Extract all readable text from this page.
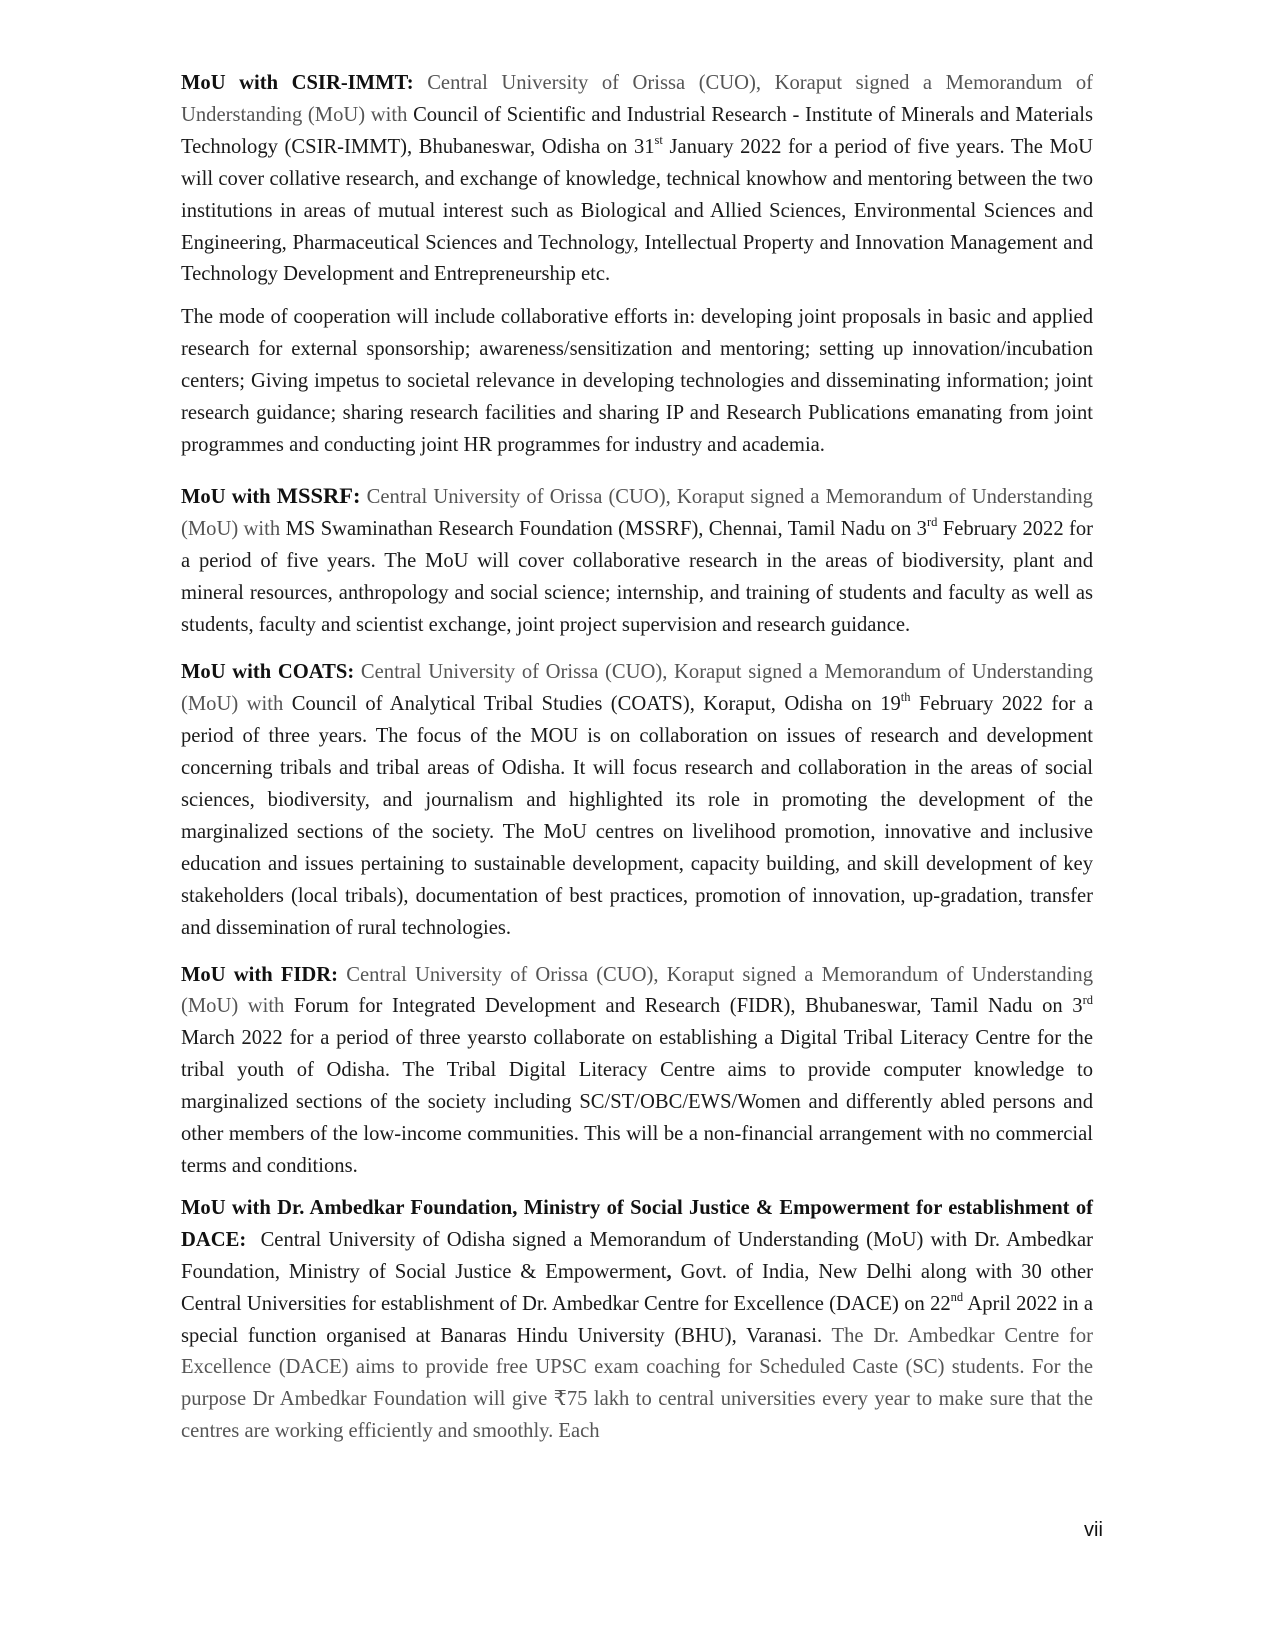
MoU with CSIR-IMMT: Central University of Orissa (CUO), Koraput signed a Memorandum of Understanding (MoU) with Council of Scientific and Industrial Research - Institute of Minerals and Materials Technology (CSIR-IMMT), Bhubaneswar, Odisha on 31st January 2022 for a period of five years. The MoU will cover collative research, and exchange of knowledge, technical knowhow and mentoring between the two institutions in areas of mutual interest such as Biological and Allied Sciences, Environmental Sciences and Engineering, Pharmaceutical Sciences and Technology, Intellectual Property and Innovation Management and Technology Development and Entrepreneurship etc.

The mode of cooperation will include collaborative efforts in: developing joint proposals in basic and applied research for external sponsorship; awareness/sensitization and mentoring; setting up innovation/incubation centers; Giving impetus to societal relevance in developing technologies and disseminating information; joint research guidance; sharing research facilities and sharing IP and Research Publications emanating from joint programmes and conducting joint HR programmes for industry and academia.

MoU with MSSRF: Central University of Orissa (CUO), Koraput signed a Memorandum of Understanding (MoU) with MS Swaminathan Research Foundation (MSSRF), Chennai, Tamil Nadu on 3rd February 2022 for a period of five years. The MoU will cover collaborative research in the areas of biodiversity, plant and mineral resources, anthropology and social science; internship, and training of students and faculty as well as students, faculty and scientist exchange, joint project supervision and research guidance.

MoU with COATS: Central University of Orissa (CUO), Koraput signed a Memorandum of Understanding (MoU) with Council of Analytical Tribal Studies (COATS), Koraput, Odisha on 19th February 2022 for a period of three years. The focus of the MOU is on collaboration on issues of research and development concerning tribals and tribal areas of Odisha. It will focus research and collaboration in the areas of social sciences, biodiversity, and journalism and highlighted its role in promoting the development of the marginalized sections of the society. The MoU centres on livelihood promotion, innovative and inclusive education and issues pertaining to sustainable development, capacity building, and skill development of key stakeholders (local tribals), documentation of best practices, promotion of innovation, up-gradation, transfer and dissemination of rural technologies.

MoU with FIDR: Central University of Orissa (CUO), Koraput signed a Memorandum of Understanding (MoU) with Forum for Integrated Development and Research (FIDR), Bhubaneswar, Tamil Nadu on 3rd March 2022 for a period of three yearsto collaborate on establishing a Digital Tribal Literacy Centre for the tribal youth of Odisha. The Tribal Digital Literacy Centre aims to provide computer knowledge to marginalized sections of the society including SC/ST/OBC/EWS/Women and differently abled persons and other members of the low-income communities. This will be a non-financial arrangement with no commercial terms and conditions.

MoU with Dr. Ambedkar Foundation, Ministry of Social Justice & Empowerment for establishment of DACE: Central University of Odisha signed a Memorandum of Understanding (MoU) with Dr. Ambedkar Foundation, Ministry of Social Justice & Empowerment, Govt. of India, New Delhi along with 30 other Central Universities for establishment of Dr. Ambedkar Centre for Excellence (DACE) on 22nd April 2022 in a special function organised at Banaras Hindu University (BHU), Varanasi. The Dr. Ambedkar Centre for Excellence (DACE) aims to provide free UPSC exam coaching for Scheduled Caste (SC) students. For the purpose Dr Ambedkar Foundation will give ₹75 lakh to central universities every year to make sure that the centres are working efficiently and smoothly. Each

vii
